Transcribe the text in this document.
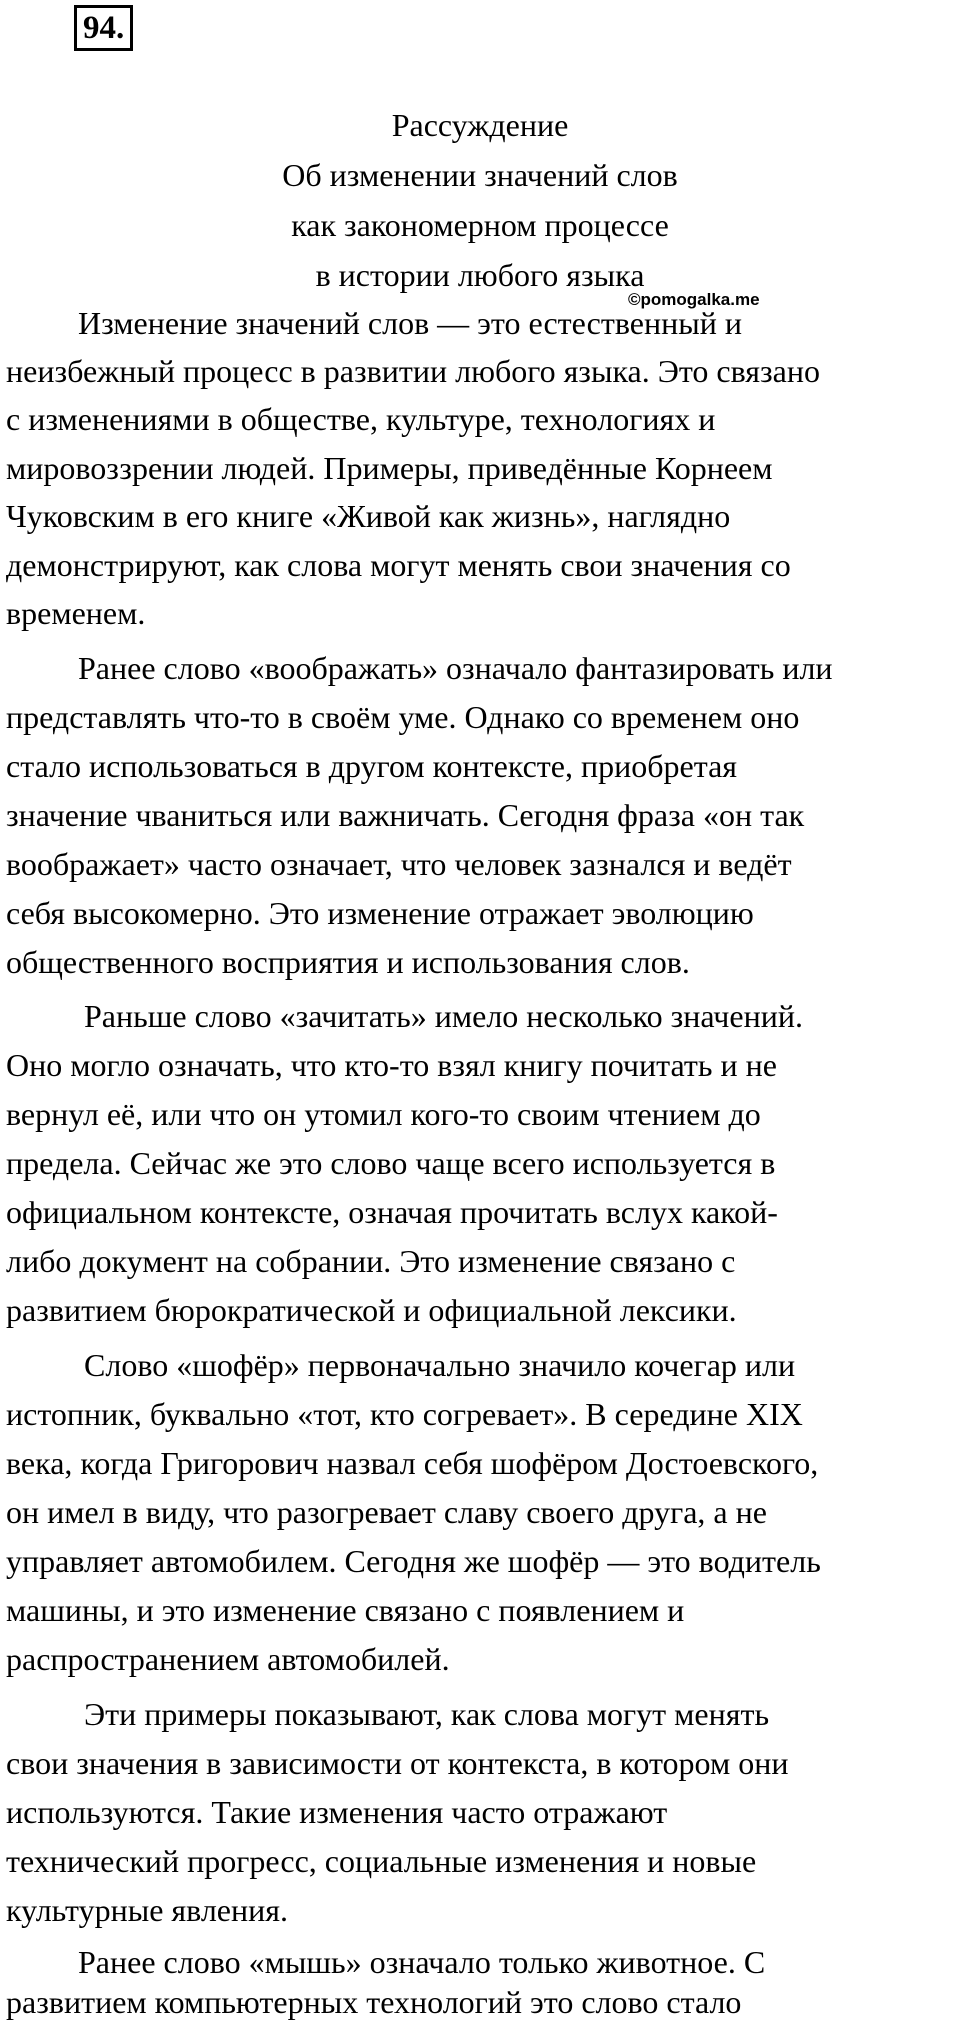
94.
Рассуждение
Об изменении значений слов
как закономерном процессе
в истории любого языка
©pomogalka.me
Изменение значений слов — это естественный и
неизбежный процесс в развитии любого языка. Это связано
с изменениями в обществе, культуре, технологиях и
мировоззрении людей. Примеры, приведённые Корнеем
Чуковским в его книге «Живой как жизнь», наглядно
демонстрируют, как слова могут менять свои значения со
временем.
Ранее слово «воображать» означало фантазировать или
представлять что-то в своём уме. Однако со временем оно
стало использоваться в другом контексте, приобретая
значение чваниться или важничать. Сегодня фраза «он так
воображает» часто означает, что человек зазнался и ведёт
себя высокомерно. Это изменение отражает эволюцию
общественного восприятия и использования слов.
Раньше слово «зачитать» имело несколько значений.
Оно могло означать, что кто-то взял книгу почитать и не
вернул её, или что он утомил кого-то своим чтением до
предела. Сейчас же это слово чаще всего используется в
официальном контексте, означая прочитать вслух какой-
либо документ на собрании. Это изменение связано с
развитием бюрократической и официальной лексики.
Слово «шофёр» первоначально значило кочегар или
истопник, буквально «тот, кто согревает». В середине XIX
века, когда Григорович назвал себя шофёром Достоевского,
он имел в виду, что разогревает славу своего друга, а не
управляет автомобилем. Сегодня же шофёр — это водитель
машины, и это изменение связано с появлением и
распространением автомобилей.
Эти примеры показывают, как слова могут менять
свои значения в зависимости от контекста, в котором они
используются. Такие изменения часто отражают
технический прогресс, социальные изменения и новые
культурные явления.
Ранее слово «мышь» означало только животное. С
развитием компьютерных технологий это слово стало
